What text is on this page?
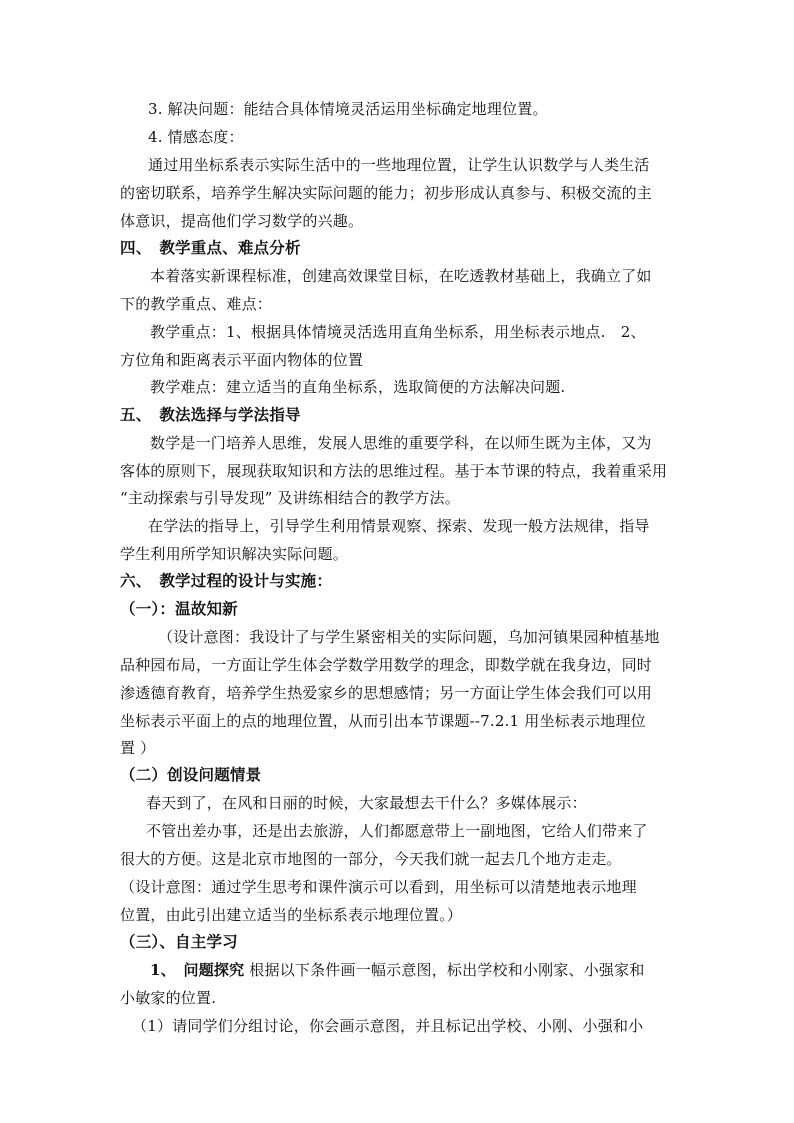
3. 解决问题：能结合具体情境灵活运用坐标确定地理位置。
4. 情感态度：
通过用坐标系表示实际生活中的一些地理位置，让学生认识数学与人类生活
的密切联系，培养学生解决实际问题的能力；初步形成认真参与、积极交流的主
体意识，提高他们学习数学的兴趣。
四、　教学重点、难点分析
本着落实新课程标准，创建高效课堂目标，在吃透教材基础上，我确立了如
下的教学重点、难点：
教学重点：1、根据具体情境灵活选用直角坐标系，用坐标表示地点.　2、
方位角和距离表示平面内物体的位置
教学难点：建立适当的直角坐标系，选取简便的方法解决问题.
五、　教法选择与学法指导
数学是一门培养人思维，发展人思维的重要学科，在以师生既为主体，又为
客体的原则下，展现获取知识和方法的思维过程。基于本节课的特点，我着重采用
“主动探索与引导发现” 及讲练相结合的教学方法。
在学法的指导上，引导学生利用情景观察、探索、发现一般方法规律，指导
学生利用所学知识解决实际问题。
六、　教学过程的设计与实施：
（一）：温故知新
（设计意图：我设计了与学生紧密相关的实际问题，乌加河镇果园种植基地
品种园布局，一方面让学生体会学数学用数学的理念，即数学就在我身边，同时
渗透德育教育，培养学生热爱家乡的思想感情；另一方面让学生体会我们可以用
坐标表示平面上的点的地理位置，从而引出本节课题--7.2.1 用坐标表示地理位
置 ）
（二）创设问题情景
春天到了，在风和日丽的时候，大家最想去干什么？多媒体展示：
不管出差办事，还是出去旅游，人们都愿意带上一副地图，它给人们带来了
很大的方便。这是北京市地图的一部分，今天我们就一起去几个地方走走。
（设计意图：通过学生思考和课件演示可以看到，用坐标可以清楚地表示地理
位置，由此引出建立适当的坐标系表示地理位置。）
（三）、自主学习
1、　问题探究 根据以下条件画一幅示意图，标出学校和小刚家、小强家和
小敏家的位置.
（1）请同学们分组讨论，你会画示意图，并且标记出学校、小刚、小强和小
